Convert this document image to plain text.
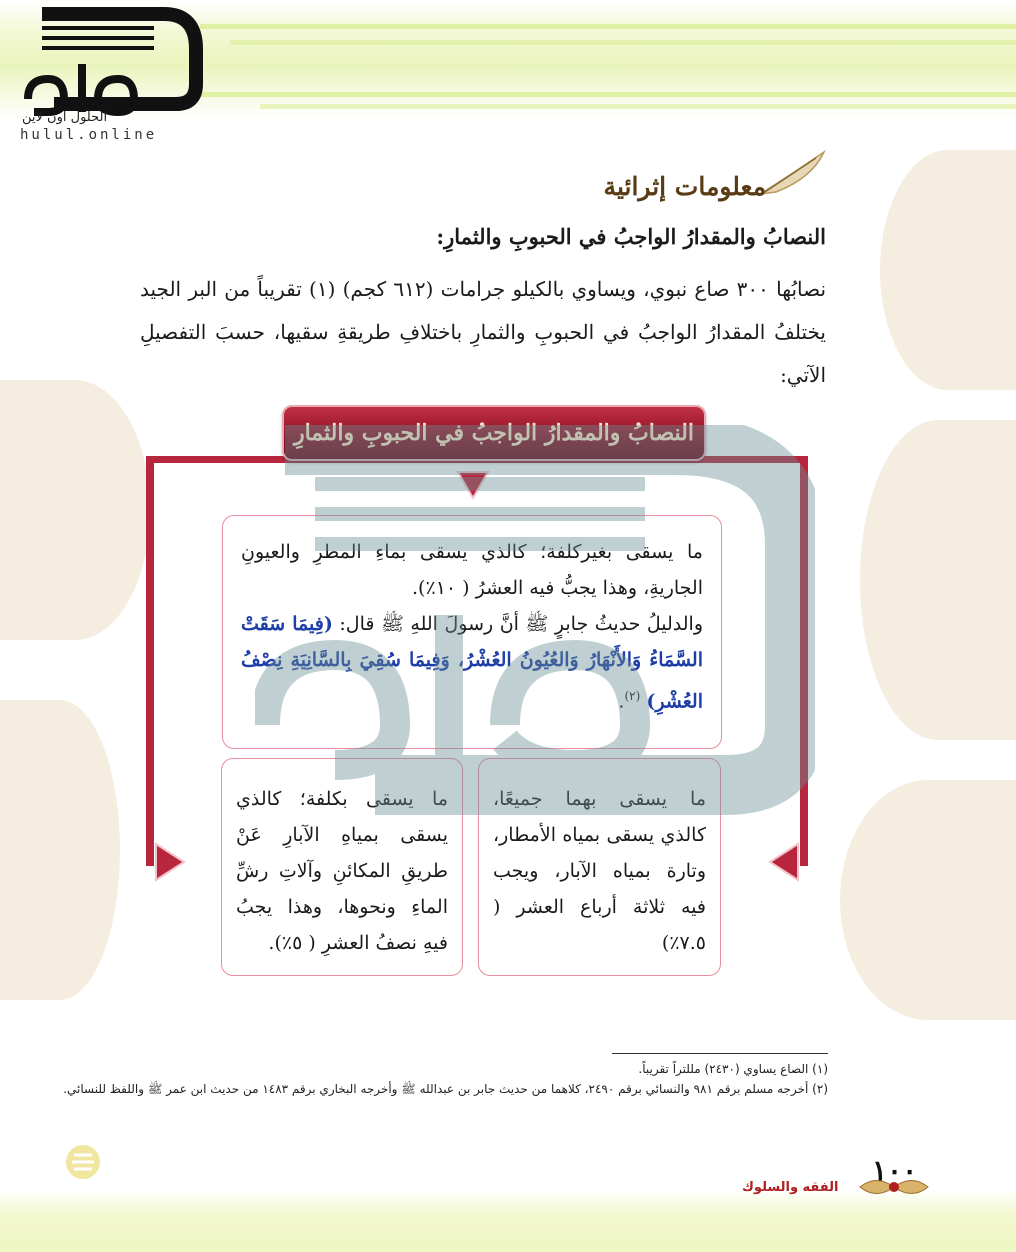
الحلول اون لاين
hulul.online
معلومات إثرائية
النصابُ والمقدارُ الواجبُ في الحبوبِ والثمارِ:
نصابُها ٣٠٠ صاع نبوي، ويساوي بالكيلو جرامات (٦١٢ كجم) (١) تقريباً من البر الجيد يختلفُ المقدارُ الواجبُ في الحبوبِ والثمارِ باختلافِ طريقةِ سقيها، حسبَ التفصيلِ الآتي:
النصابُ والمقدارُ الواجبُ في الحبوبِ والثمارِ
ما يسقى بغيركلفة؛ كالذي يسقى بماءِ المطرِ والعيونِ الجاريةِ، وهذا يجبُّ فيه العشرُ ( ١٠٪).
والدليلُ حديثُ جابرٍ ﷺ أنَّ رسولَ اللهِ ﷺ قال: (فِيمَا سَقَتْ السَّمَاءُ وَالأَنْهَارُ وَالعُيُونُ العُشْرُ، وَفِيمَا سُقِيَ بِالسَّانِيَةِ نِصْفُ العُشْرِ) $^{(٢)}$.
ما يسقى بكلفة؛ كالذي يسقى بمياهِ الآبارِ عَنْ طريقِ المكائنِ وآلاتِ رشِّ الماءِ ونحوها، وهذا يجبُ فيهِ نصفُ العشرِ ( ٥٪).
ما يسقى بهما جميعًا، كالذي يسقى بمياه الأمطار، وتارة بمياه الآبار، ويجب فيه ثلاثة أرباع العشر ( ٧.٥٪)
(١) الصاع يساوي (٢٤٣٠) مللتراً تقريباً.
(٢) أخرجه مسلم برقم ٩٨١ والنسائي برقم ٢٤٩٠، كلاهما من حديث جابر بن عبدالله ﷺ وأخرجه البخاري برقم ١٤٨٣ من حديث ابن عمر ﷺ واللفظ للنسائي.
١٠٠
الفقه والسلوك
